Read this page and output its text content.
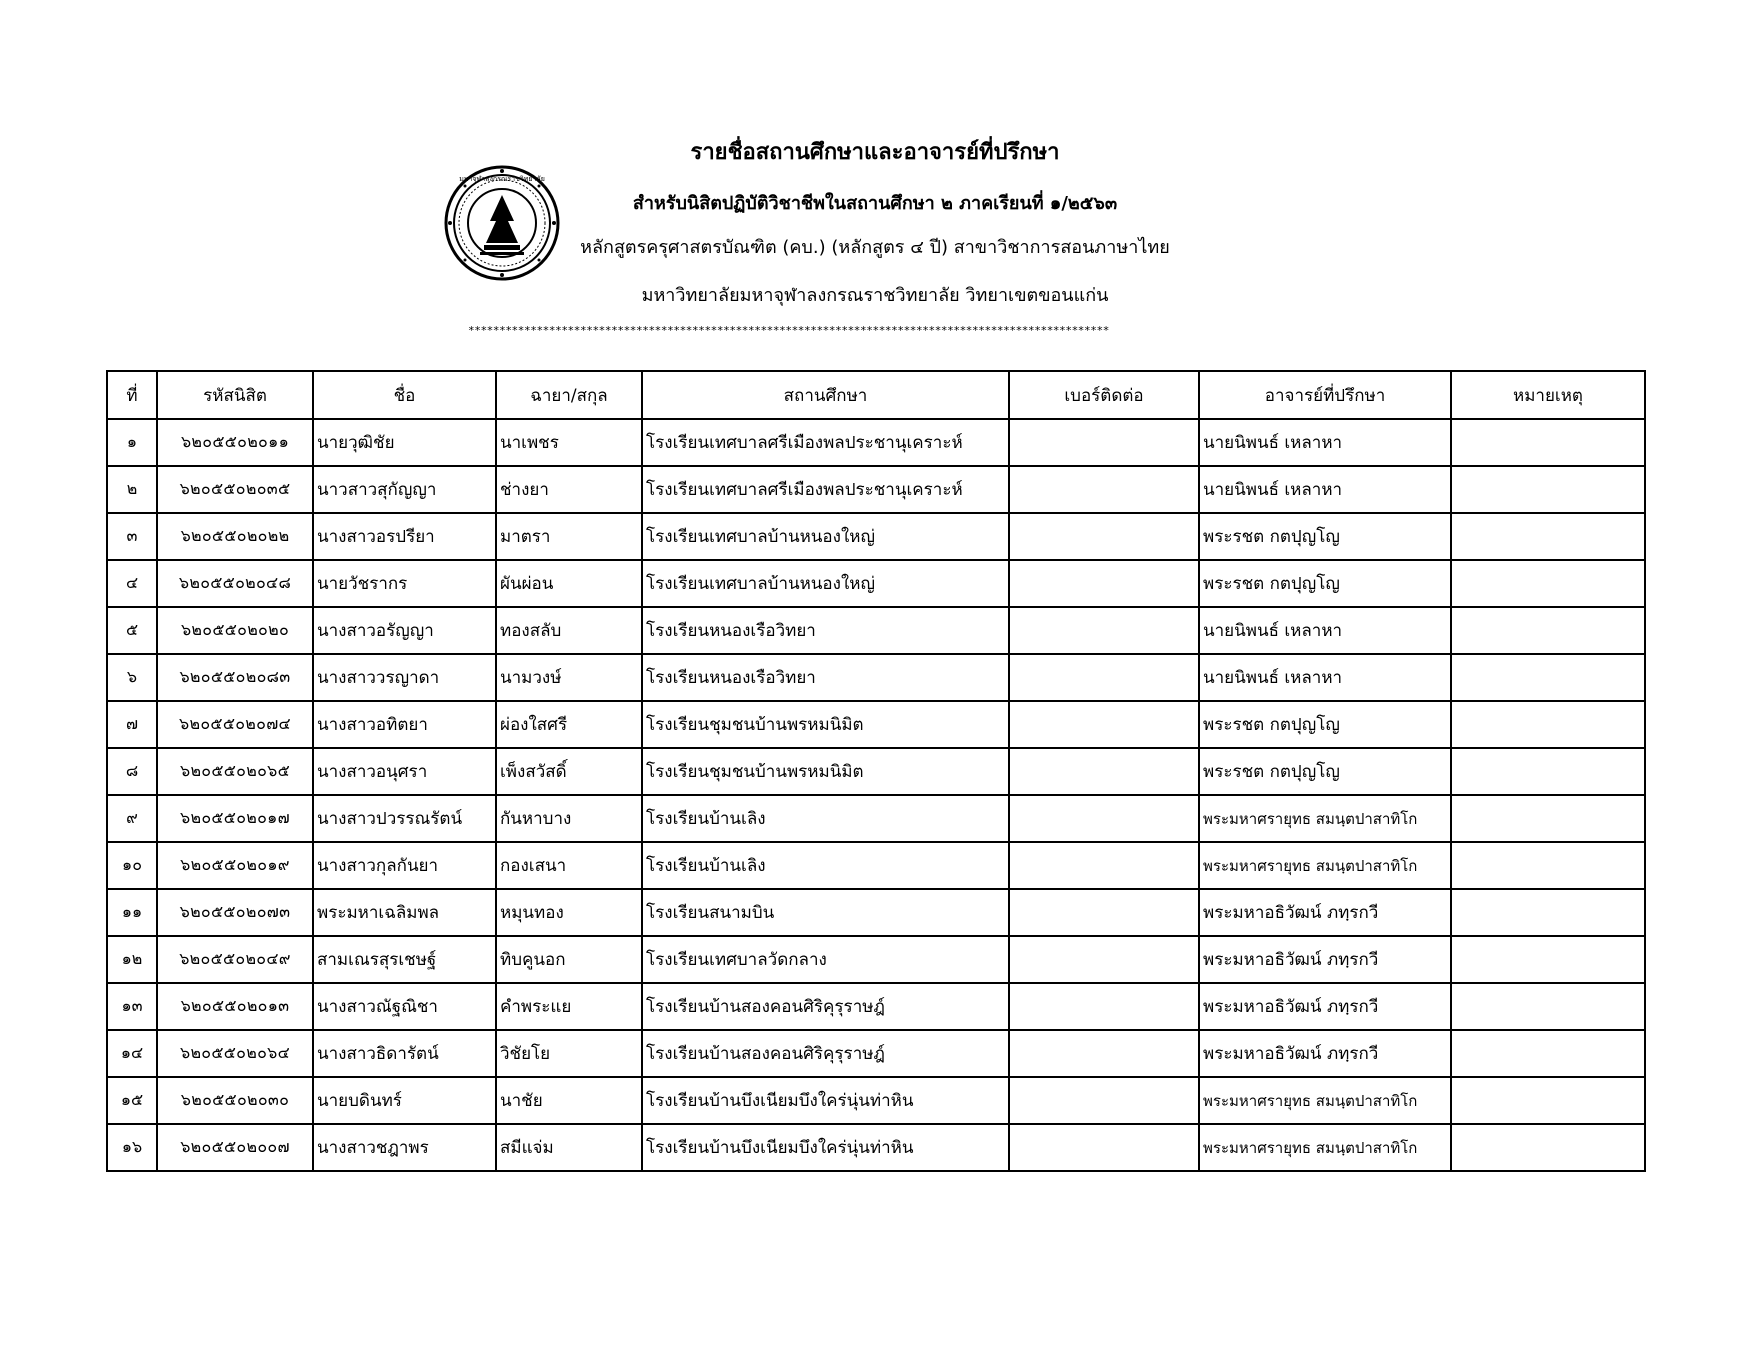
มหาจุฬาลงกรณราชวิทยาลัย
รายชื่อสถานศึกษาและอาจารย์ที่ปรึกษา
สำหรับนิสิตปฏิบัติวิชาชีพในสถานศึกษา ๒ ภาคเรียนที่ ๑/๒๕๖๓
หลักสูตรครุศาสตรบัณฑิต (คบ.) (หลักสูตร ๔ ปี) สาขาวิชาการสอนภาษาไทย
มหาวิทยาลัยมหาจุฬาลงกรณราชวิทยาลัย วิทยาเขตขอนแก่น
*******************************************************************************************************
ที่	รหัสนิสิต	ชื่อ	ฉายา/สกุล	สถานศึกษา	เบอร์ติดต่อ	อาจารย์ที่ปรึกษา	หมายเหตุ
๑	๖๒๐๕๕๐๒๐๑๑	นายวุฒิชัย	นาเพชร	โรงเรียนเทศบาลศรีเมืองพลประชานุเคราะห์		นายนิพนธ์ เหลาหา	
๒	๖๒๐๕๕๐๒๐๓๕	นาวสาวสุกัญญา	ช่างยา	โรงเรียนเทศบาลศรีเมืองพลประชานุเคราะห์		นายนิพนธ์ เหลาหา	
๓	๖๒๐๕๕๐๒๐๒๒	นางสาวอรปรียา	มาตรา	โรงเรียนเทศบาลบ้านหนองใหญ่		พระรชต กตปุญโญ	
๔	๖๒๐๕๕๐๒๐๔๘	นายวัชรากร	ผันผ่อน	โรงเรียนเทศบาลบ้านหนองใหญ่		พระรชต กตปุญโญ	
๕	๖๒๐๕๕๐๒๐๒๐	นางสาวอรัญญา	ทองสลับ	โรงเรียนหนองเรือวิทยา		นายนิพนธ์ เหลาหา	
๖	๖๒๐๕๕๐๒๐๘๓	นางสาววรญาดา	นามวงษ์	โรงเรียนหนองเรือวิทยา		นายนิพนธ์ เหลาหา	
๗	๖๒๐๕๕๐๒๐๗๔	นางสาวอทิตยา	ผ่องใสศรี	โรงเรียนชุมชนบ้านพรหมนิมิต		พระรชต กตปุญโญ	
๘	๖๒๐๕๕๐๒๐๖๕	นางสาวอนุศรา	เพ็งสวัสดิ์	โรงเรียนชุมชนบ้านพรหมนิมิต		พระรชต กตปุญโญ	
๙	๖๒๐๕๕๐๒๐๑๗	นางสาวปวรรณรัตน์	กันหาบาง	โรงเรียนบ้านเลิง		พระมหาศรายุทธ สมนฺตปาสาทิโก	
๑๐	๖๒๐๕๕๐๒๐๑๙	นางสาวกุลกันยา	กองเสนา	โรงเรียนบ้านเลิง		พระมหาศรายุทธ สมนฺตปาสาทิโก	
๑๑	๖๒๐๕๕๐๒๐๗๓	พระมหาเฉลิมพล	หมุนทอง	โรงเรียนสนามบิน		พระมหาอธิวัฒน์ ภทฺรกวี	
๑๒	๖๒๐๕๕๐๒๐๔๙	สามเณรสุรเชษฐ์	ทิบคูนอก	โรงเรียนเทศบาลวัดกลาง		พระมหาอธิวัฒน์ ภทฺรกวี	
๑๓	๖๒๐๕๕๐๒๐๑๓	นางสาวณัฐณิชา	คำพระแย	โรงเรียนบ้านสองคอนศิริคุรุราษฎ์		พระมหาอธิวัฒน์ ภทฺรกวี	
๑๔	๖๒๐๕๕๐๒๐๖๔	นางสาวธิดารัตน์	วิชัยโย	โรงเรียนบ้านสองคอนศิริคุรุราษฎ์		พระมหาอธิวัฒน์ ภทฺรกวี	
๑๕	๖๒๐๕๕๐๒๐๓๐	นายบดินทร์	นาชัย	โรงเรียนบ้านบึงเนียมบึงใคร่นุ่นท่าหิน		พระมหาศรายุทธ สมนฺตปาสาทิโก	
๑๖	๖๒๐๕๕๐๒๐๐๗	นางสาวชฎาพร	สมีแจ่ม	โรงเรียนบ้านบึงเนียมบึงใคร่นุ่นท่าหิน		พระมหาศรายุทธ สมนฺตปาสาทิโก	
